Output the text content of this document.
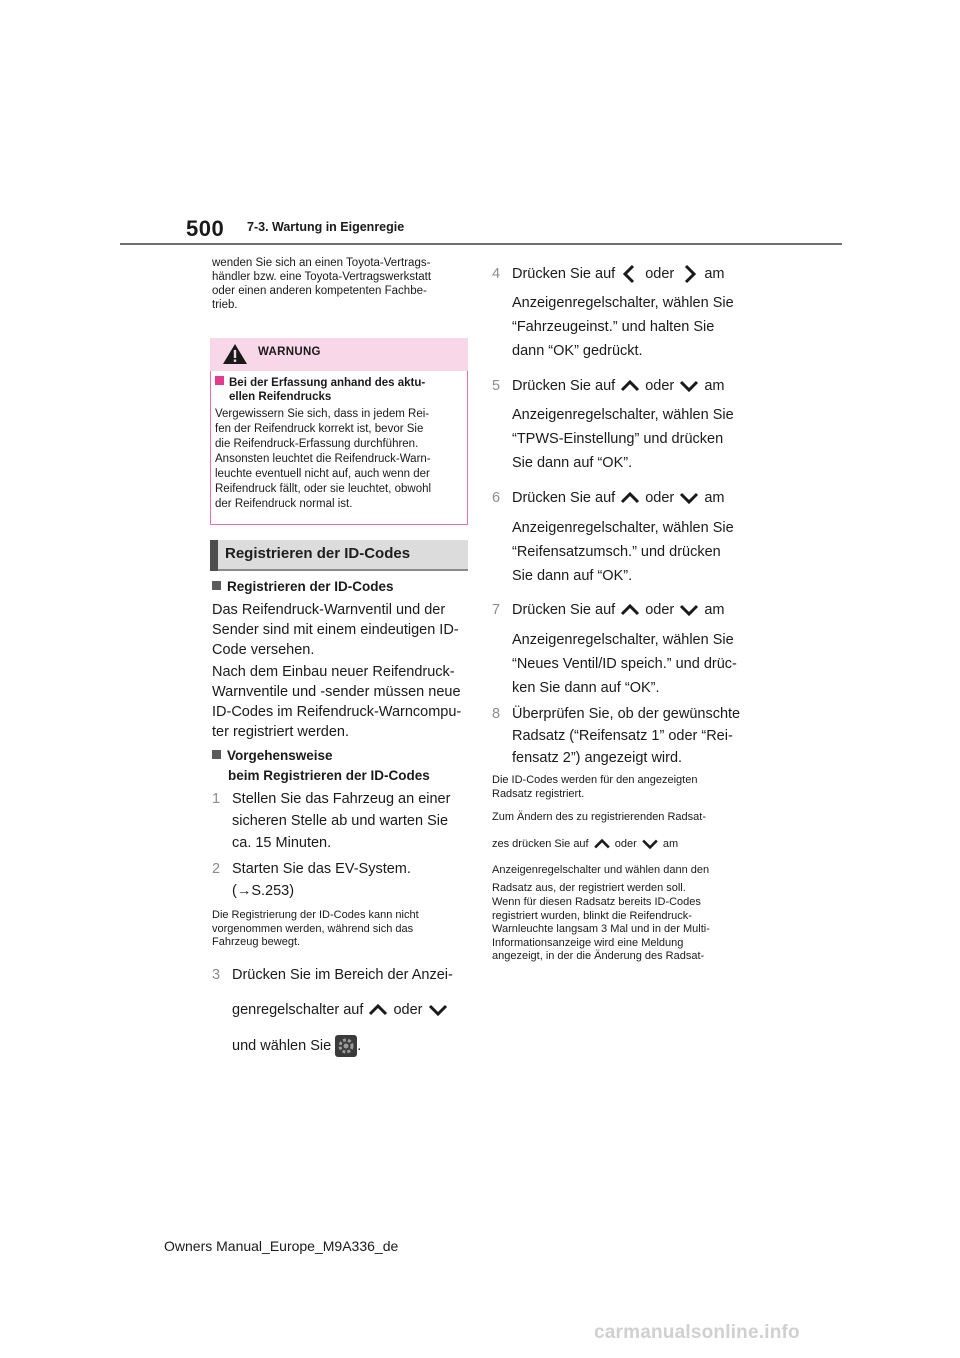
500 7-3. Wartung in Eigenregie
wenden Sie sich an einen Toyota-Vertrags-
händler bzw. eine Toyota-Vertragswerkstatt
oder einen anderen kompetenten Fachbe-
trieb.
WARNUNG
Bei der Erfassung anhand des aktu-
ellen Reifendrucks
Vergewissern Sie sich, dass in jedem Rei-
fen der Reifendruck korrekt ist, bevor Sie
die Reifendruck-Erfassung durchführen.
Ansonsten leuchtet die Reifendruck-Warn-
leuchte eventuell nicht auf, auch wenn der
Reifendruck fällt, oder sie leuchtet, obwohl
der Reifendruck normal ist.
Registrieren der ID-Codes
Registrieren der ID-Codes
Das Reifendruck-Warnventil und der
Sender sind mit einem eindeutigen ID-
Code versehen.
Nach dem Einbau neuer Reifendruck-
Warnventile und -sender müssen neue
ID-Codes im Reifendruck-Warncompu-
ter registriert werden.
Vorgehensweise
beim Registrieren der ID-Codes
1 Stellen Sie das Fahrzeug an einer
sicheren Stelle ab und warten Sie
ca. 15 Minuten.
2 Starten Sie das EV-System.
(→S.253)
Die Registrierung der ID-Codes kann nicht
vorgenommen werden, während sich das
Fahrzeug bewegt.
3 Drücken Sie im Bereich der Anzei-
genregelschalter auf oder
und wählen Sie .
4 Drücken Sie auf oder am
Anzeigenregelschalter, wählen Sie
“Fahrzeugeinst.” und halten Sie
dann “OK” gedrückt.
5 Drücken Sie auf oder am
Anzeigenregelschalter, wählen Sie
“TPWS-Einstellung” und drücken
Sie dann auf “OK”.
6 Drücken Sie auf oder am
Anzeigenregelschalter, wählen Sie
“Reifensatzumsch.” und drücken
Sie dann auf “OK”.
7 Drücken Sie auf oder am
Anzeigenregelschalter, wählen Sie
“Neues Ventil/ID speich.” und drüc-
ken Sie dann auf “OK”.
8 Überprüfen Sie, ob der gewünschte
Radsatz (“Reifensatz 1” oder “Rei-
fensatz 2”) angezeigt wird.
Die ID-Codes werden für den angezeigten
Radsatz registriert.
Zum Ändern des zu registrierenden Radsat-
zes drücken Sie auf oder am
Anzeigenregelschalter und wählen dann den
Radsatz aus, der registriert werden soll.
Wenn für diesen Radsatz bereits ID-Codes
registriert wurden, blinkt die Reifendruck-
Warnleuchte langsam 3 Mal und in der Multi-
Informationsanzeige wird eine Meldung
angezeigt, in der die Änderung des Radsat-
Owners Manual_Europe_M9A336_de
carmanualsonline.info
